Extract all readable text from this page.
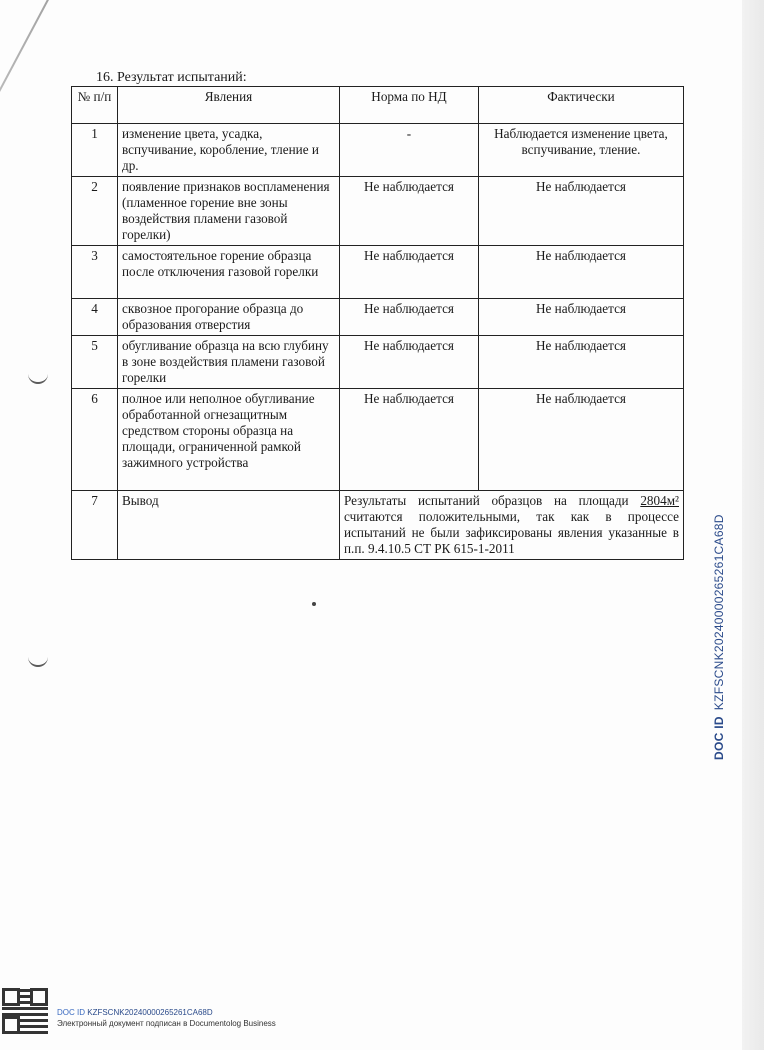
16. Результат испытаний:
№ п/п	Явления	Норма по НД	Фактически
1	изменение цвета, усадка, вспучивание, коробление, тление и др.	-	Наблюдается изменение цвета, вспучивание, тление.
2	появление признаков воспламенения (пламенное горение вне зоны воздействия пламени газовой горелки)	Не наблюдается	Не наблюдается
3	самостоятельное горение образца после отключения газовой горелки	Не наблюдается	Не наблюдается
4	сквозное прогорание образца до образования отверстия	Не наблюдается	Не наблюдается
5	обугливание образца на всю глубину в зоне воздействия пламени газовой горелки	Не наблюдается	Не наблюдается
6	полное или неполное обугливание обработанной огнезащитным средством стороны образца на площади, ограниченной рамкой зажимного устройства	Не наблюдается	Не наблюдается
7	Вывод	Результаты испытаний образцов на площади 2804м² считаются положительными, так как в процессе испытаний не были зафиксированы явления указанные в п.п. 9.4.10.5 СТ РК 615-1-2011	
DOC IDKZFSCNK20240000265261CA68D
DOC ID KZFSCNK20240000265261CA68D
Электронный документ подписан в Documentolog Business
